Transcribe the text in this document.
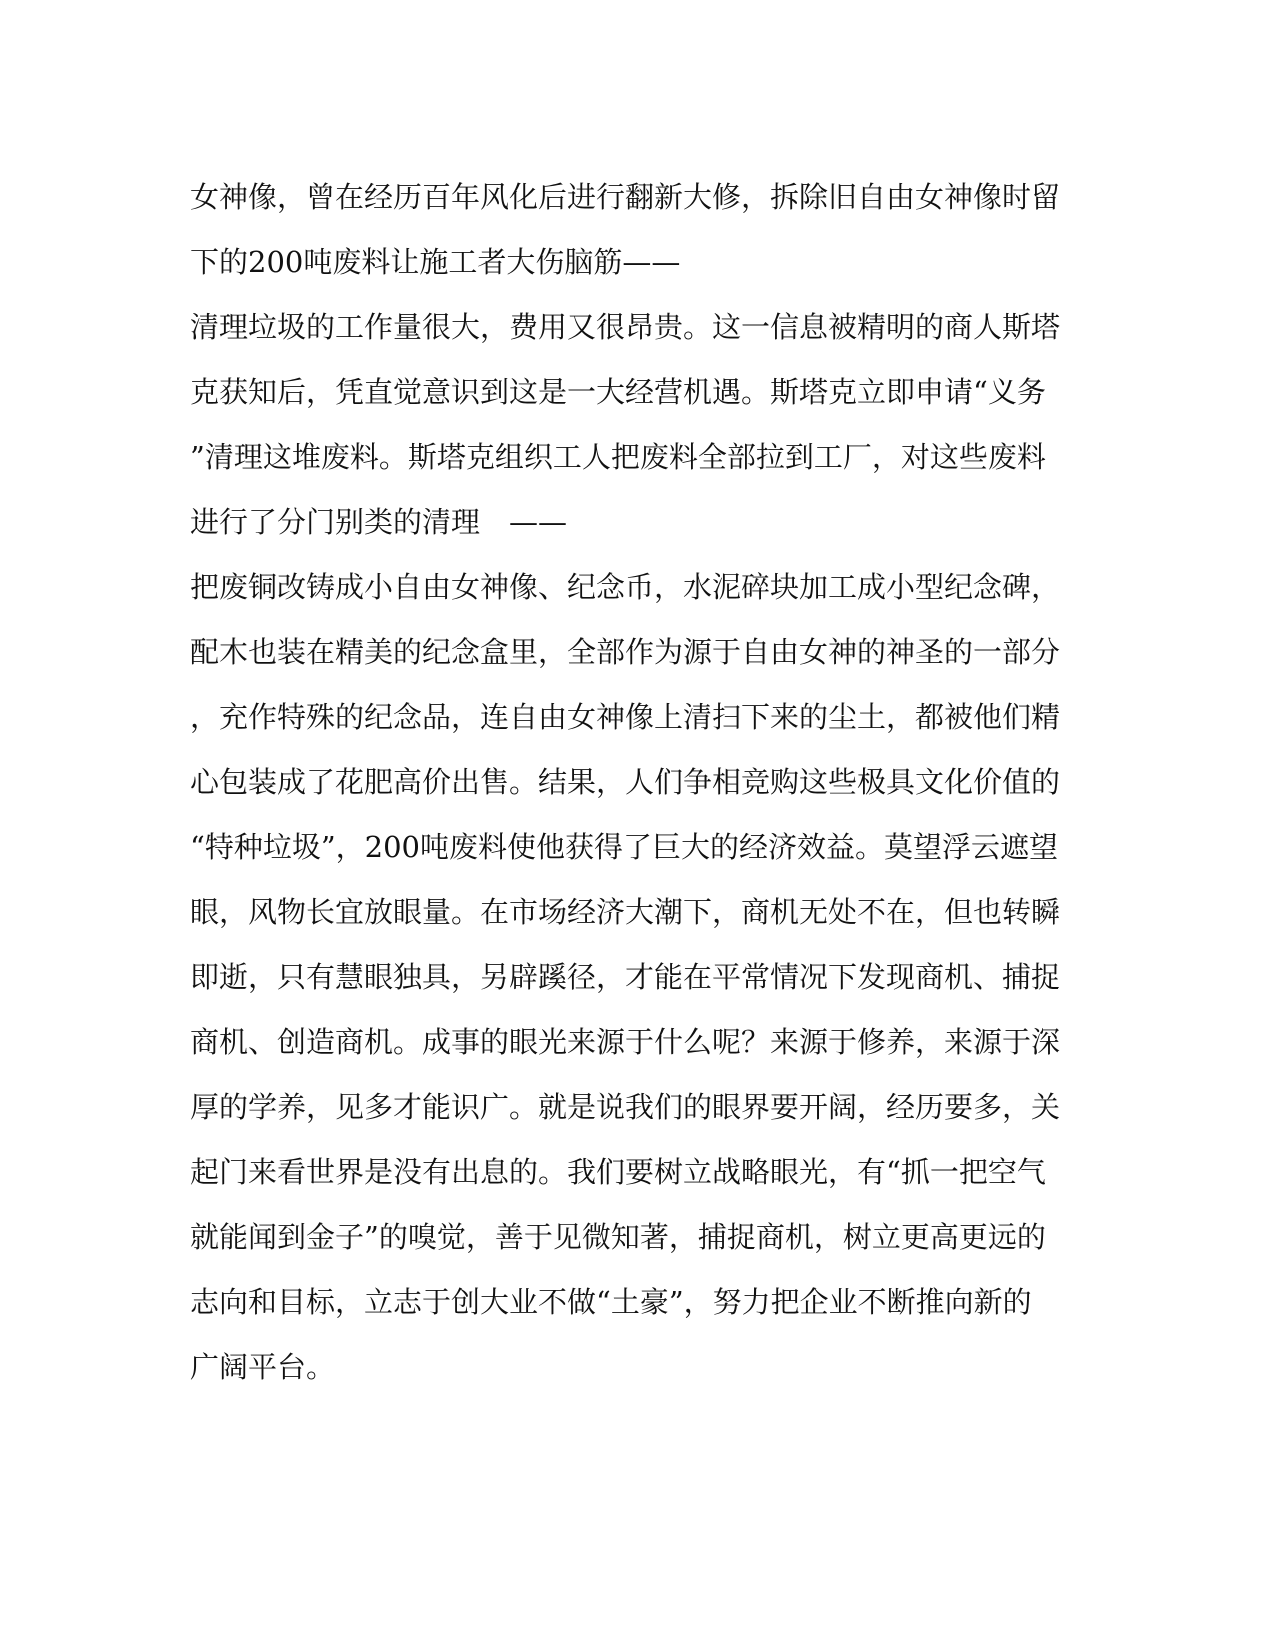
女神像，曾在经历百年风化后进行翻新大修，拆除旧自由女神像时留
下的200吨废料让施工者大伤脑筋——
清理垃圾的工作量很大，费用又很昂贵。这一信息被精明的商人斯塔
克获知后，凭直觉意识到这是一大经营机遇。斯塔克立即申请“义务
”清理这堆废料。斯塔克组织工人把废料全部拉到工厂，对这些废料
进行了分门别类的清理　——
把废铜改铸成小自由女神像、纪念币，水泥碎块加工成小型纪念碑，
配木也装在精美的纪念盒里，全部作为源于自由女神的神圣的一部分
，充作特殊的纪念品，连自由女神像上清扫下来的尘土，都被他们精
心包装成了花肥高价出售。结果，人们争相竞购这些极具文化价值的
“特种垃圾”，200吨废料使他获得了巨大的经济效益。莫望浮云遮望
眼，风物长宜放眼量。在市场经济大潮下，商机无处不在，但也转瞬
即逝，只有慧眼独具，另辟蹊径，才能在平常情况下发现商机、捕捉
商机、创造商机。成事的眼光来源于什么呢？来源于修养，来源于深
厚的学养，见多才能识广。就是说我们的眼界要开阔，经历要多，关
起门来看世界是没有出息的。我们要树立战略眼光，有“抓一把空气
就能闻到金子”的嗅觉，善于见微知著，捕捉商机，树立更高更远的
志向和目标，立志于创大业不做“土豪”，努力把企业不断推向新的
广阔平台。
